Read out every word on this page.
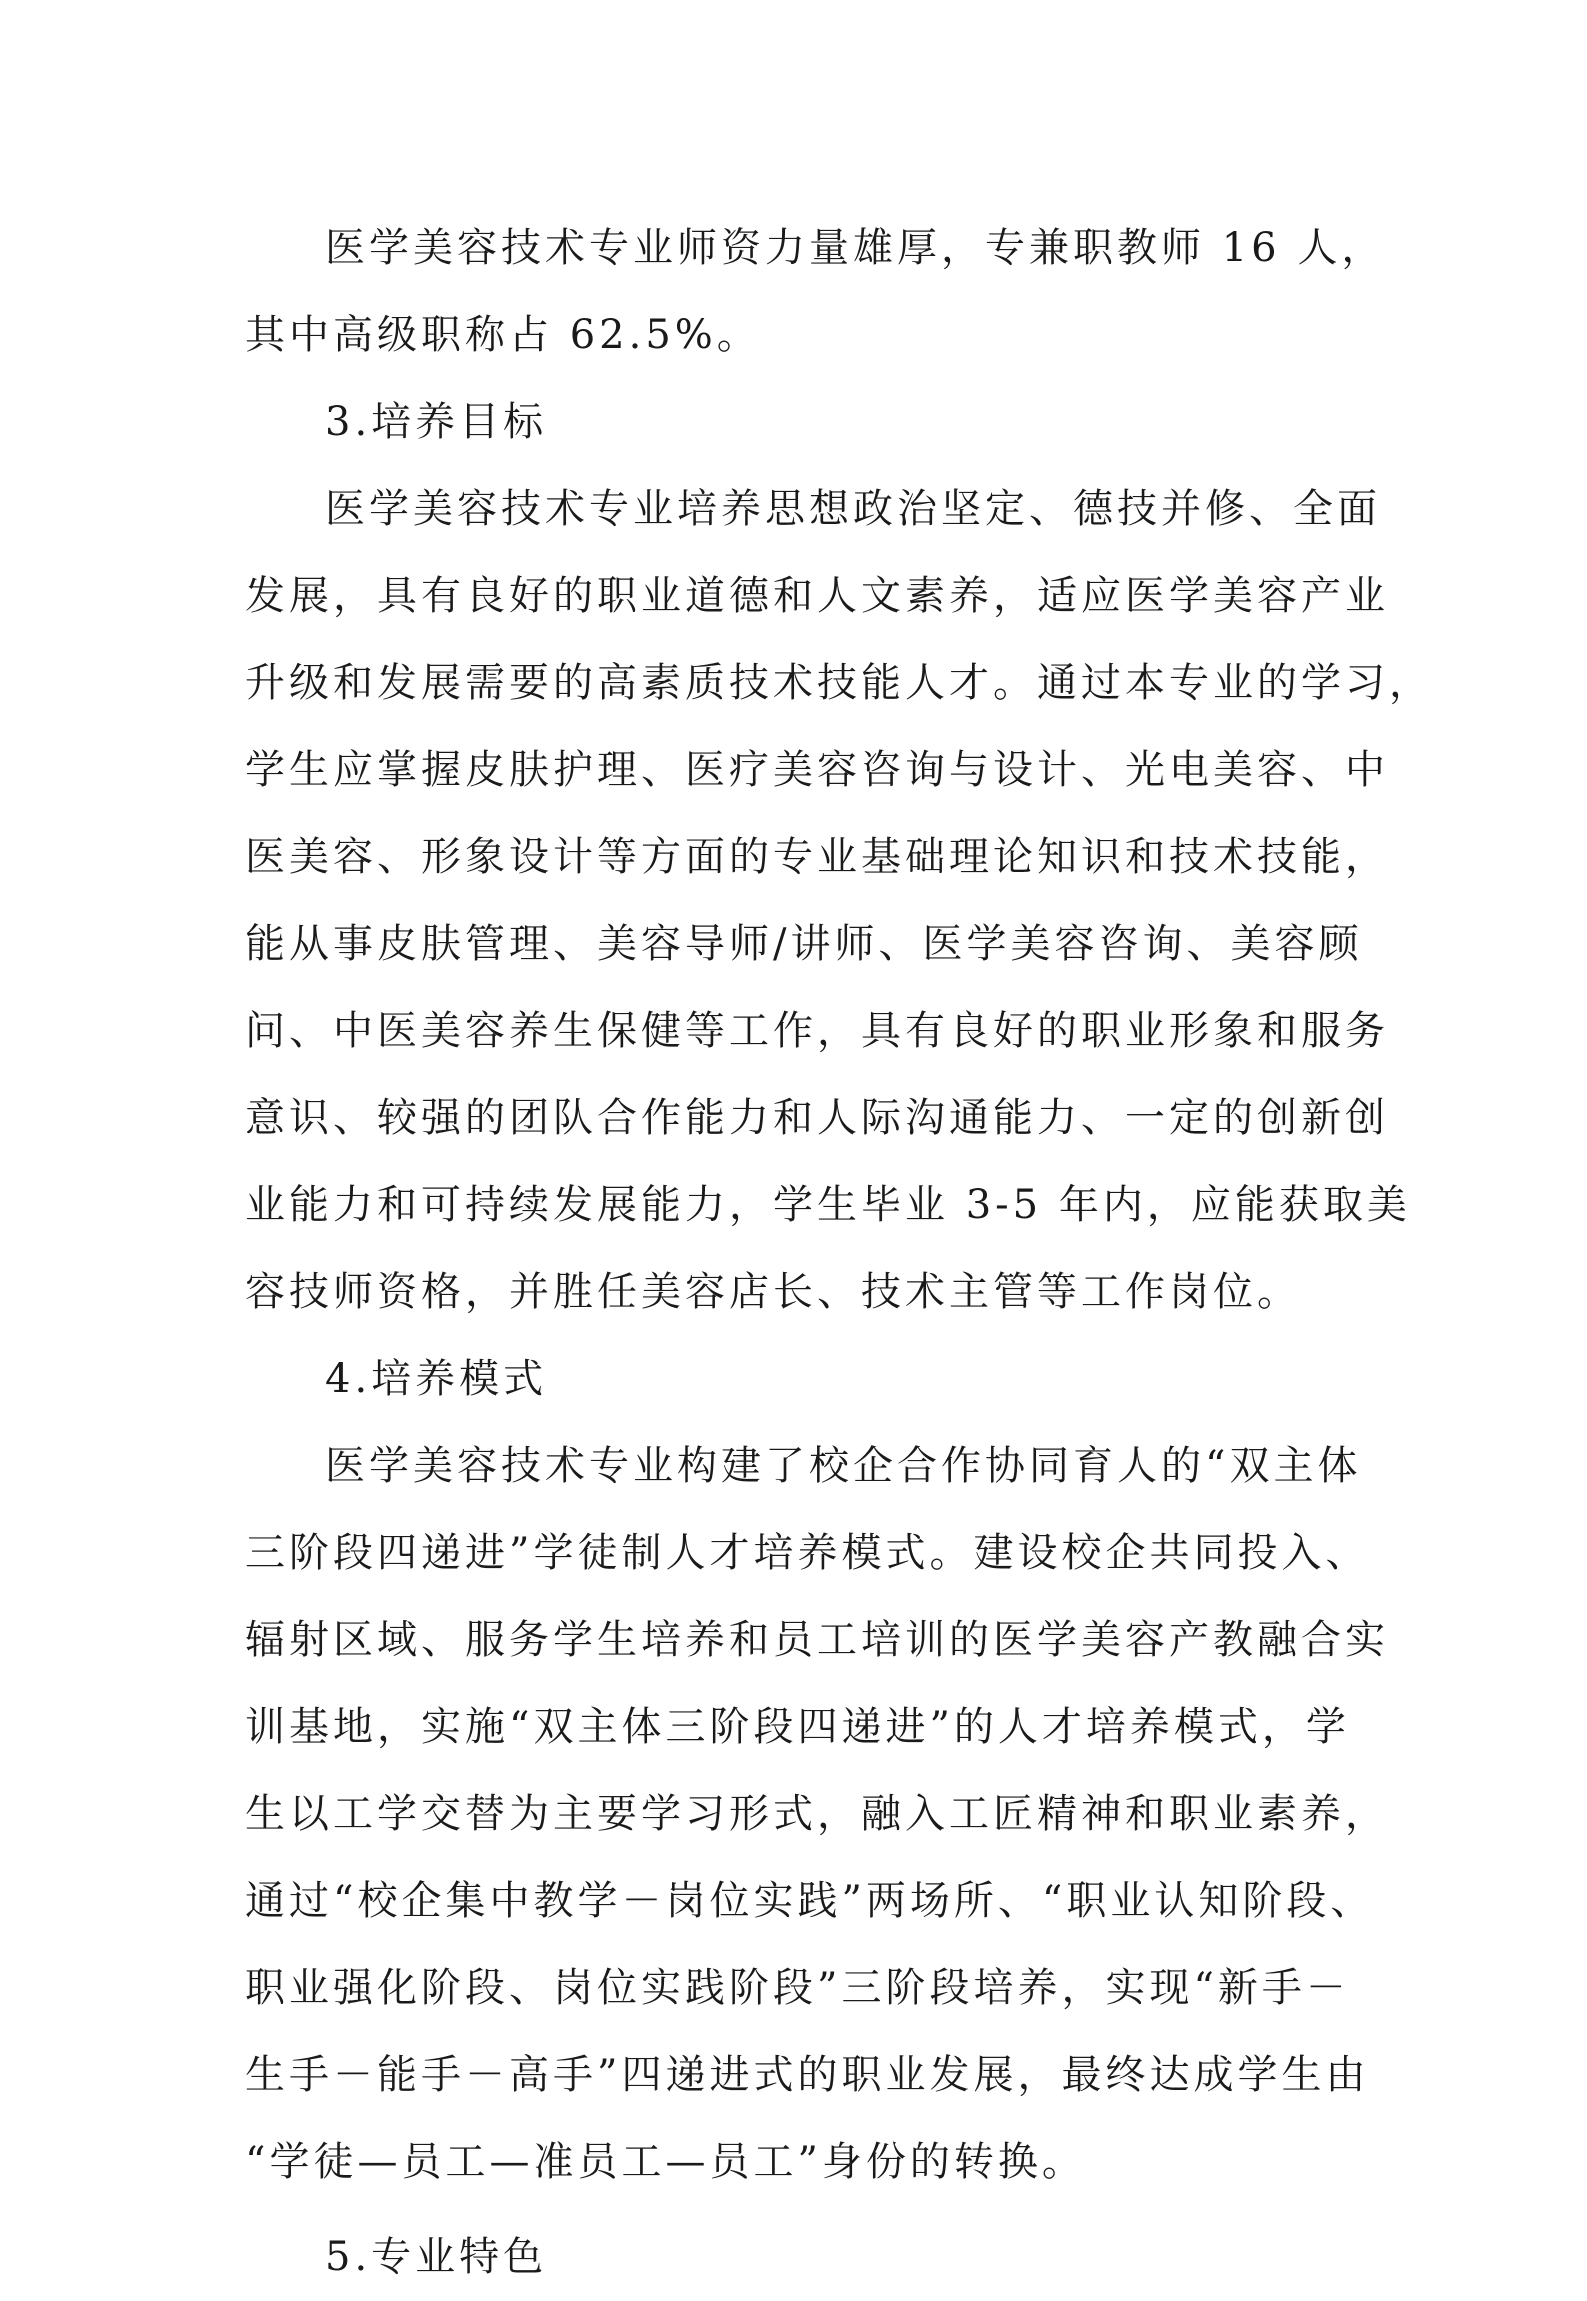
医学美容技术专业师资力量雄厚，专兼职教师 16 人，
其中高级职称占 62.5%。
3.培养目标
医学美容技术专业培养思想政治坚定、德技并修、全面
发展，具有良好的职业道德和人文素养，适应医学美容产业
升级和发展需要的高素质技术技能人才。通过本专业的学习，
学生应掌握皮肤护理、医疗美容咨询与设计、光电美容、中
医美容、形象设计等方面的专业基础理论知识和技术技能，
能从事皮肤管理、美容导师/讲师、医学美容咨询、美容顾
问、中医美容养生保健等工作，具有良好的职业形象和服务
意识、较强的团队合作能力和人际沟通能力、一定的创新创
业能力和可持续发展能力，学生毕业 3-5 年内，应能获取美
容技师资格，并胜任美容店长、技术主管等工作岗位。
4.培养模式
医学美容技术专业构建了校企合作协同育人的“双主体
三阶段四递进”学徒制人才培养模式。建设校企共同投入、
辐射区域、服务学生培养和员工培训的医学美容产教融合实
训基地，实施“双主体三阶段四递进”的人才培养模式，学
生以工学交替为主要学习形式，融入工匠精神和职业素养，
通过“校企集中教学－岗位实践”两场所、“职业认知阶段、
职业强化阶段、岗位实践阶段”三阶段培养，实现“新手－
生手－能手－高手”四递进式的职业发展，最终达成学生由
“学徒—员工—准员工—员工”身份的转换。
5.专业特色
